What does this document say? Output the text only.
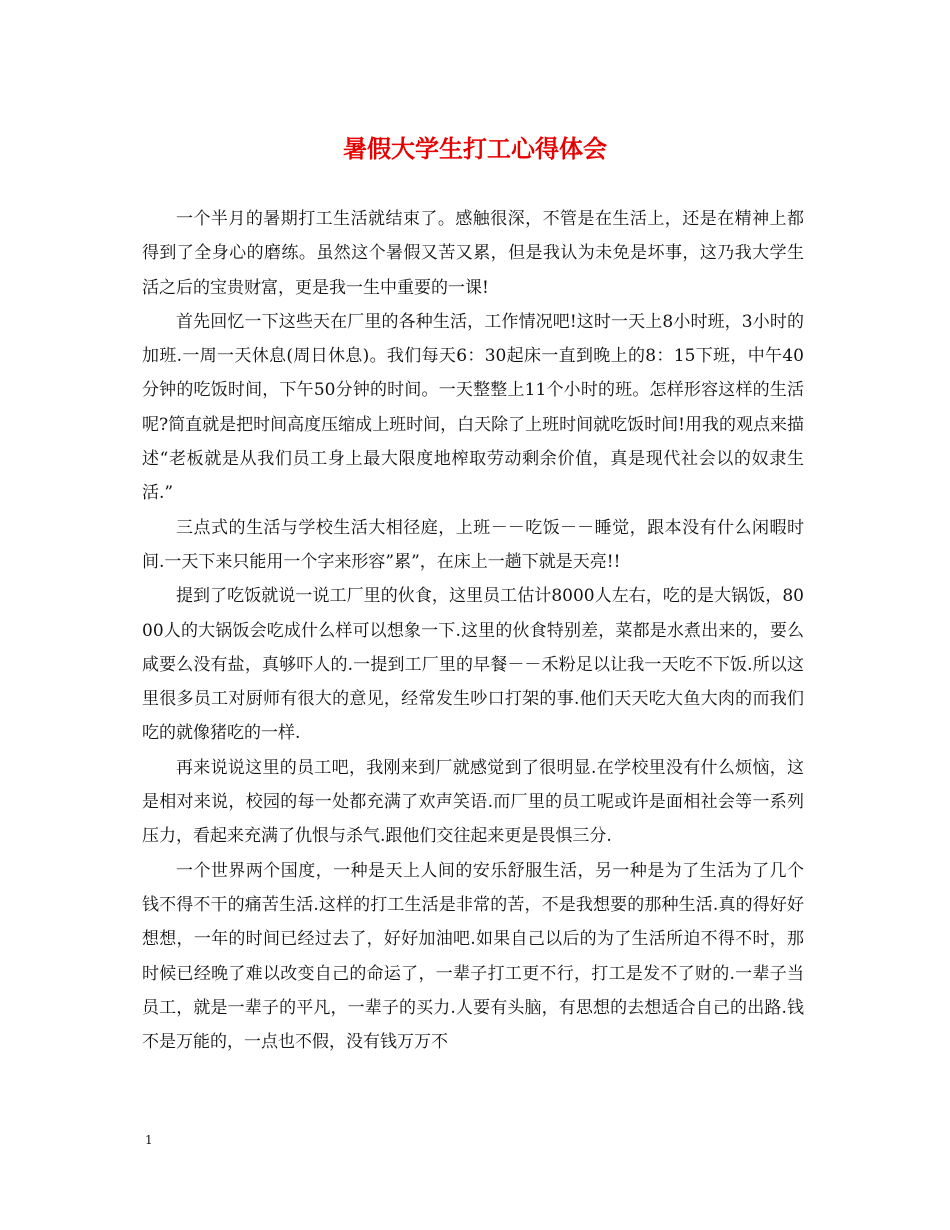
暑假大学生打工心得体会

一个半月的暑期打工生活就结束了。感触很深，不管是在生活上，还是在精神上都得到了全身心的磨练。虽然这个暑假又苦又累，但是我认为未免是坏事，这乃我大学生活之后的宝贵财富，更是我一生中重要的一课!

首先回忆一下这些天在厂里的各种生活，工作情况吧!这时一天上8小时班，3小时的加班.一周一天休息(周日休息)。我们每天6：30起床一直到晚上的8：15下班，中午40分钟的吃饭时间，下午50分钟的时间。一天整整上11个小时的班。怎样形容这样的生活呢?简直就是把时间高度压缩成上班时间，白天除了上班时间就吃饭时间!用我的观点来描述“老板就是从我们员工身上最大限度地榨取劳动剩余价值，真是现代社会以的奴隶生活.”

三点式的生活与学校生活大相径庭，上班－－吃饭－－睡觉，跟本没有什么闲暇时间.一天下来只能用一个字来形容”累”，在床上一趟下就是天亮!!

提到了吃饭就说一说工厂里的伙食，这里员工估计8000人左右，吃的是大锅饭，8000人的大锅饭会吃成什么样可以想象一下.这里的伙食特别差，菜都是水煮出来的，要么咸要么没有盐，真够吓人的.一提到工厂里的早餐－－禾粉足以让我一天吃不下饭.所以这里很多员工对厨师有很大的意见，经常发生吵口打架的事.他们天天吃大鱼大肉的而我们吃的就像猪吃的一样.

再来说说这里的员工吧，我刚来到厂就感觉到了很明显.在学校里没有什么烦恼，这是相对来说，校园的每一处都充满了欢声笑语.而厂里的员工呢或许是面相社会等一系列压力，看起来充满了仇恨与杀气.跟他们交往起来更是畏惧三分.

一个世界两个国度，一种是天上人间的安乐舒服生活，另一种是为了生活为了几个钱不得不干的痛苦生活.这样的打工生活是非常的苦，不是我想要的那种生活.真的得好好想想，一年的时间已经过去了，好好加油吧.如果自己以后的为了生活所迫不得不时，那时候已经晚了难以改变自己的命运了，一辈子打工更不行，打工是发不了财的.一辈子当员工，就是一辈子的平凡，一辈子的买力.人要有头脑，有思想的去想适合自己的出路.钱不是万能的，一点也不假，没有钱万万不

1
